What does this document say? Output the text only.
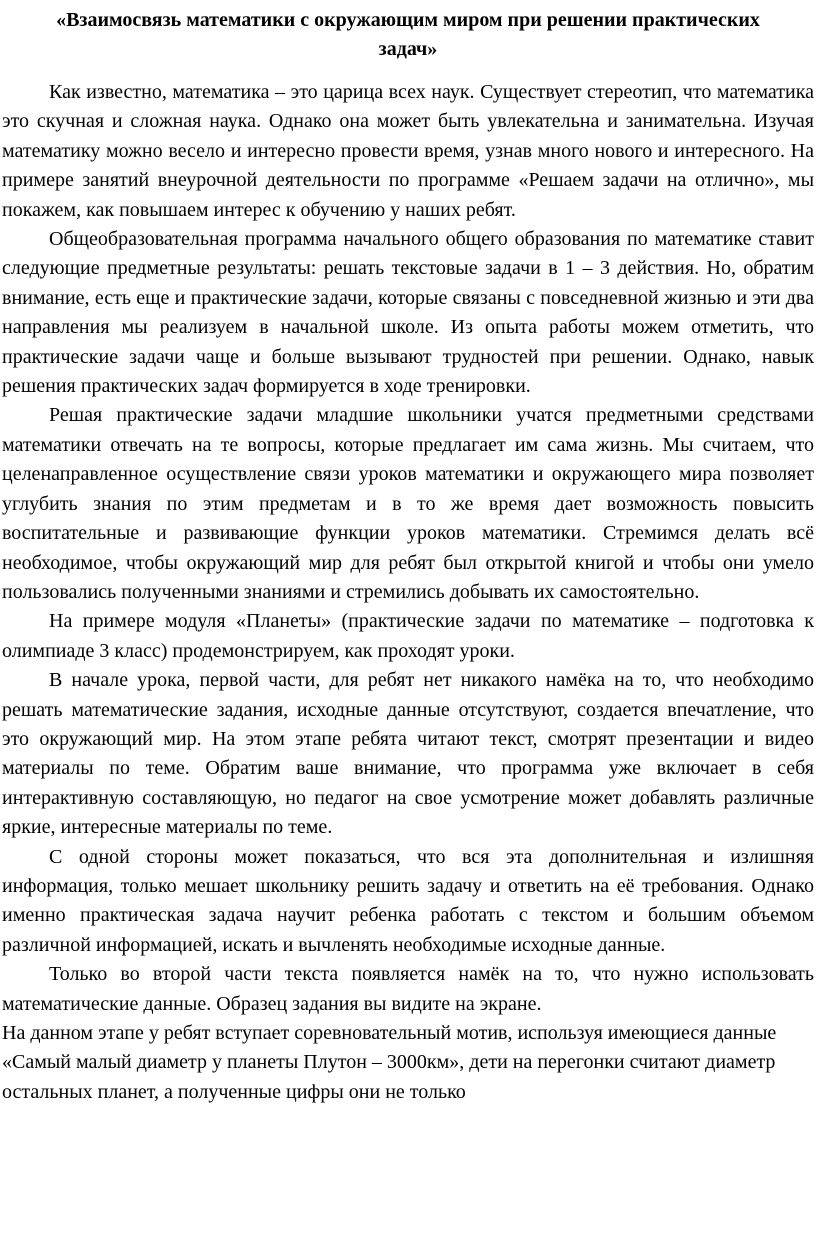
«Взаимосвязь математики с окружающим миром при решении практических задач»

Как известно, математика – это царица всех наук. Существует стереотип, что математика это скучная и сложная наука. Однако она может быть увлекательна и занимательна. Изучая математику можно весело и интересно провести время, узнав много нового и интересного. На примере занятий внеурочной деятельности по программе «Решаем задачи на отлично», мы покажем, как повышаем интерес к обучению у наших ребят.

Общеобразовательная программа начального общего образования по математике ставит следующие предметные результаты: решать текстовые задачи в 1 – 3 действия. Но, обратим внимание, есть еще и практические задачи, которые связаны с повседневной жизнью и эти два направления мы реализуем в начальной школе. Из опыта работы можем отметить, что практические задачи чаще и больше вызывают трудностей при решении. Однако, навык решения практических задач формируется в ходе тренировки.

Решая практические задачи младшие школьники учатся предметными средствами математики отвечать на те вопросы, которые предлагает им сама жизнь. Мы считаем, что целенаправленное осуществление связи уроков математики и окружающего мира позволяет углубить знания по этим предметам и в то же время дает возможность повысить воспитательные и развивающие функции уроков математики. Стремимся делать всё необходимое, чтобы окружающий мир для ребят был открытой книгой и чтобы они умело пользовались полученными знаниями и стремились добывать их самостоятельно.

На примере модуля «Планеты» (практические задачи по математике – подготовка к олимпиаде 3 класс) продемонстрируем, как проходят уроки.

В начале урока, первой части, для ребят нет никакого намёка на то, что необходимо решать математические задания, исходные данные отсутствуют, создается впечатление, что это окружающий мир. На этом этапе ребята читают текст, смотрят презентации и видео материалы по теме. Обратим ваше внимание, что программа уже включает в себя интерактивную составляющую, но педагог на свое усмотрение может добавлять различные яркие, интересные материалы по теме.

С одной стороны может показаться, что вся эта дополнительная и излишняя информация, только мешает школьнику решить задачу и ответить на её требования. Однако именно практическая задача научит ребенка работать с текстом и большим объемом различной информацией, искать и вычленять необходимые исходные данные.

Только во второй части текста появляется намёк на то, что нужно использовать математические данные. Образец задания вы видите на экране.

На данном этапе у ребят вступает соревновательный мотив, используя имеющиеся данные «Самый малый диаметр у планеты Плутон – 3000км», дети на перегонки считают диаметр остальных планет, а полученные цифры они не только
